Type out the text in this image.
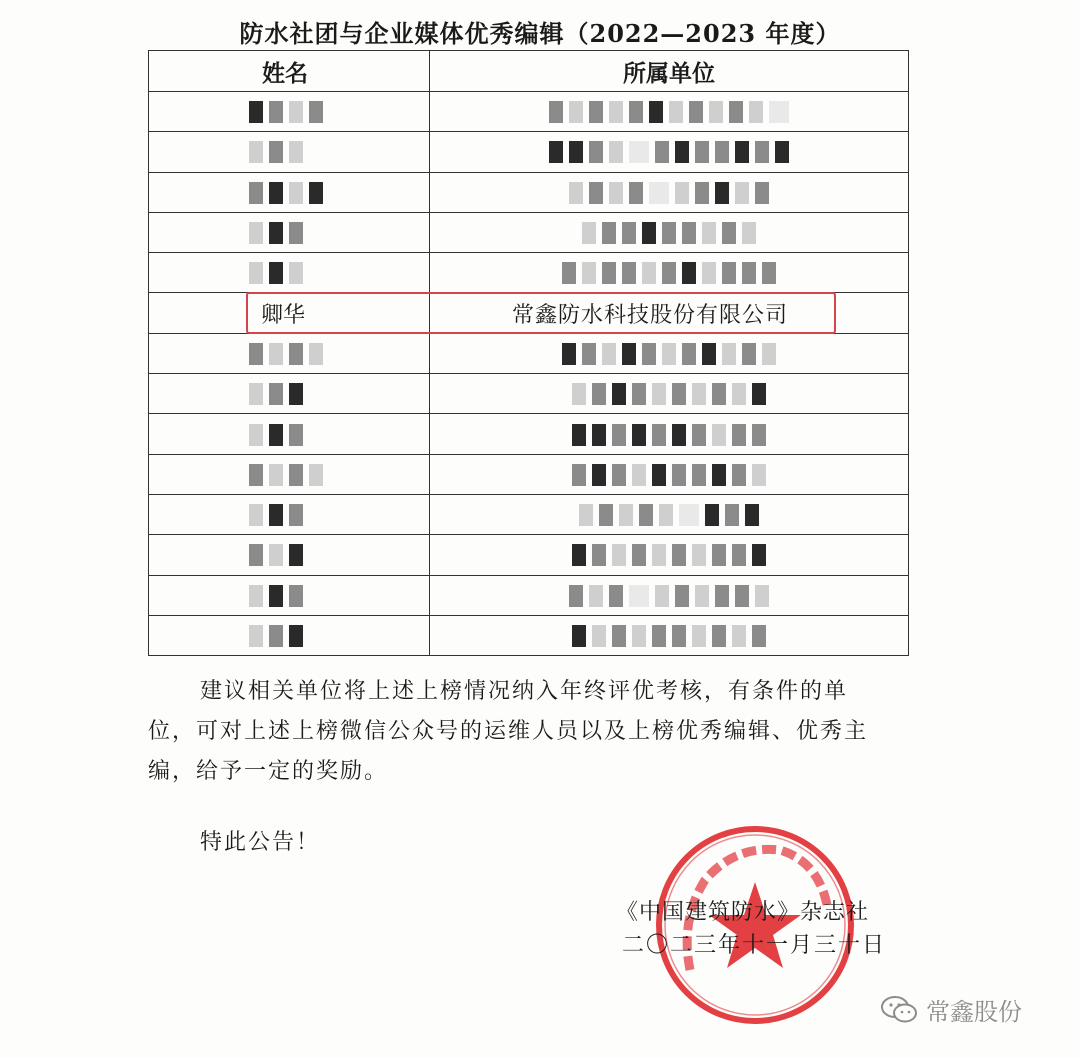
防水社团与企业媒体优秀编辑（2022—2023 年度）
姓名	所属单位

卿华	常鑫防水科技股份有限公司

建议相关单位将上述上榜情况纳入年终评优考核，有条件的单

位，可对上述上榜微信公众号的运维人员以及上榜优秀编辑、优秀主

编，给予一定的奖励。

特此公告！
《中国建筑防水》杂志社
二〇二三年十一月三十日
常鑫股份
